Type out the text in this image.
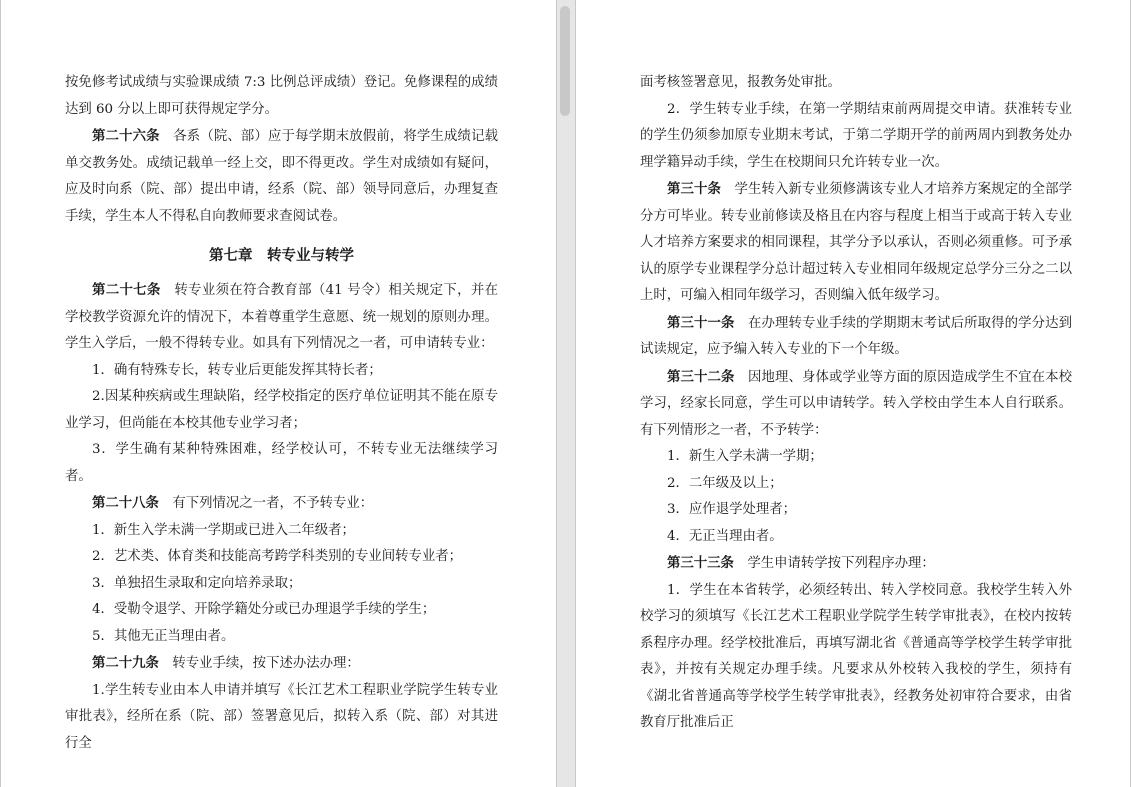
按免修考试成绩与实验课成绩 7:3 比例总评成绩）登记。免修课程的成绩达到 60 分以上即可获得规定学分。

第二十六条　各系（院、部）应于每学期末放假前，将学生成绩记载单交教务处。成绩记载单一经上交，即不得更改。学生对成绩如有疑问，应及时向系（院、部）提出申请，经系（院、部）领导同意后，办理复查手续，学生本人不得私自向教师要求查阅试卷。

第七章　转专业与转学

第二十七条　转专业须在符合教育部（41 号令）相关规定下，并在学校教学资源允许的情况下，本着尊重学生意愿、统一规划的原则办理。学生入学后，一般不得转专业。如具有下列情况之一者，可申请转专业：

1．确有特殊专长，转专业后更能发挥其特长者；

2.因某种疾病或生理缺陷，经学校指定的医疗单位证明其不能在原专业学习，但尚能在本校其他专业学习者；

3．学生确有某种特殊困难，经学校认可，不转专业无法继续学习者。

第二十八条　有下列情况之一者，不予转专业：

1．新生入学未满一学期或已进入二年级者；

2．艺术类、体育类和技能高考跨学科类别的专业间转专业者；

3．单独招生录取和定向培养录取；

4．受勒令退学、开除学籍处分或已办理退学手续的学生；

5．其他无正当理由者。

第二十九条　转专业手续，按下述办法办理：

1.学生转专业由本人申请并填写《长江艺术工程职业学院学生转专业审批表》，经所在系（院、部）签署意见后，拟转入系（院、部）对其进行全

面考核签署意见，报教务处审批。

2．学生转专业手续，在第一学期结束前两周提交申请。获准转专业的学生仍须参加原专业期末考试，于第二学期开学的前两周内到教务处办理学籍异动手续，学生在校期间只允许转专业一次。

第三十条　学生转入新专业须修满该专业人才培养方案规定的全部学分方可毕业。转专业前修读及格且在内容与程度上相当于或高于转入专业人才培养方案要求的相同课程，其学分予以承认，否则必须重修。可予承认的原学专业课程学分总计超过转入专业相同年级规定总学分三分之二以上时，可编入相同年级学习，否则编入低年级学习。

第三十一条　在办理转专业手续的学期期末考试后所取得的学分达到试读规定，应予编入转入专业的下一个年级。

第三十二条　因地理、身体或学业等方面的原因造成学生不宜在本校学习，经家长同意，学生可以申请转学。转入学校由学生本人自行联系。有下列情形之一者，不予转学：

1．新生入学未满一学期；

2．二年级及以上；

3．应作退学处理者；

4．无正当理由者。

第三十三条　学生申请转学按下列程序办理：

1．学生在本省转学，必须经转出、转入学校同意。我校学生转入外校学习的须填写《长江艺术工程职业学院学生转学审批表》，在校内按转系程序办理。经学校批准后，再填写湖北省《普通高等学校学生转学审批表》，并按有关规定办理手续。凡要求从外校转入我校的学生，须持有《湖北省普通高等学校学生转学审批表》，经教务处初审符合要求，由省教育厅批准后正
